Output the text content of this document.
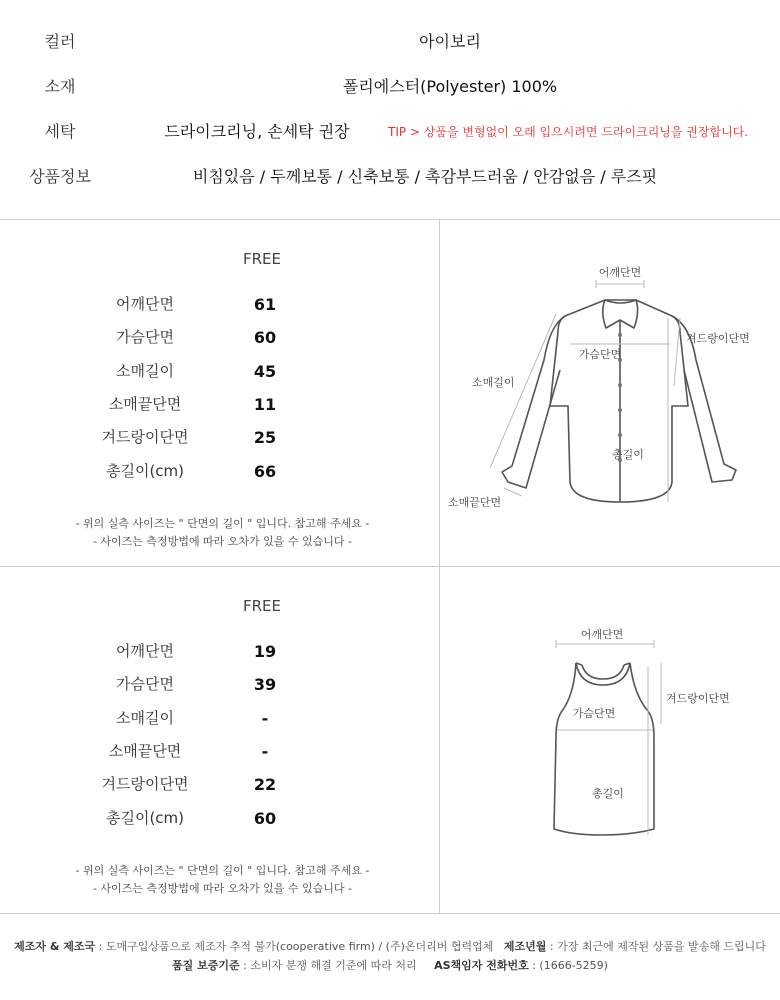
컬러	아이보리
소재	폴리에스터(Polyester) 100%
세탁	드라이크리닝, 손세탁 권장	TIP > 상품을 변형없이 오래 입으시려면 드라이크리닝을 권장합니다.
상품정보	비침있음 / 두께보통 / 신축보통 / 촉감부드러움 / 안감없음 / 루즈핏
FREE
어깨단면	61
가슴단면	60
소매길이	45
소매끝단면	11
겨드랑이단면	25
총길이(cm)	66
- 위의 실측 사이즈는 " 단면의 길이 " 입니다. 참고해 주세요 -
- 사이즈는 측정방법에 따라 오차가 있을 수 있습니다 -
어깨단면
가슴단면
겨드랑이단면
소매길이
총길이
소매끝단면
FREE
어깨단면	19
가슴단면	39
소매길이	-
소매끝단면	-
겨드랑이단면	22
총길이(cm)	60
- 위의 실측 사이즈는 " 단면의 길이 " 입니다. 참고해 주세요 -
- 사이즈는 측정방법에 따라 오차가 있을 수 있습니다 -
어깨단면
겨드랑이단면
가슴단면
총길이
제조자 & 제조국 : 도매구입상품으로 제조자 추적 불가(cooperative firm) / (주)온더리버 협력업체 제조년월 : 가장 최근에 제작된 상품을 발송해 드립니다
품질 보증기준 : 소비자 분쟁 해결 기준에 따라 처리 AS책임자 전화번호 : (1666-5259)
